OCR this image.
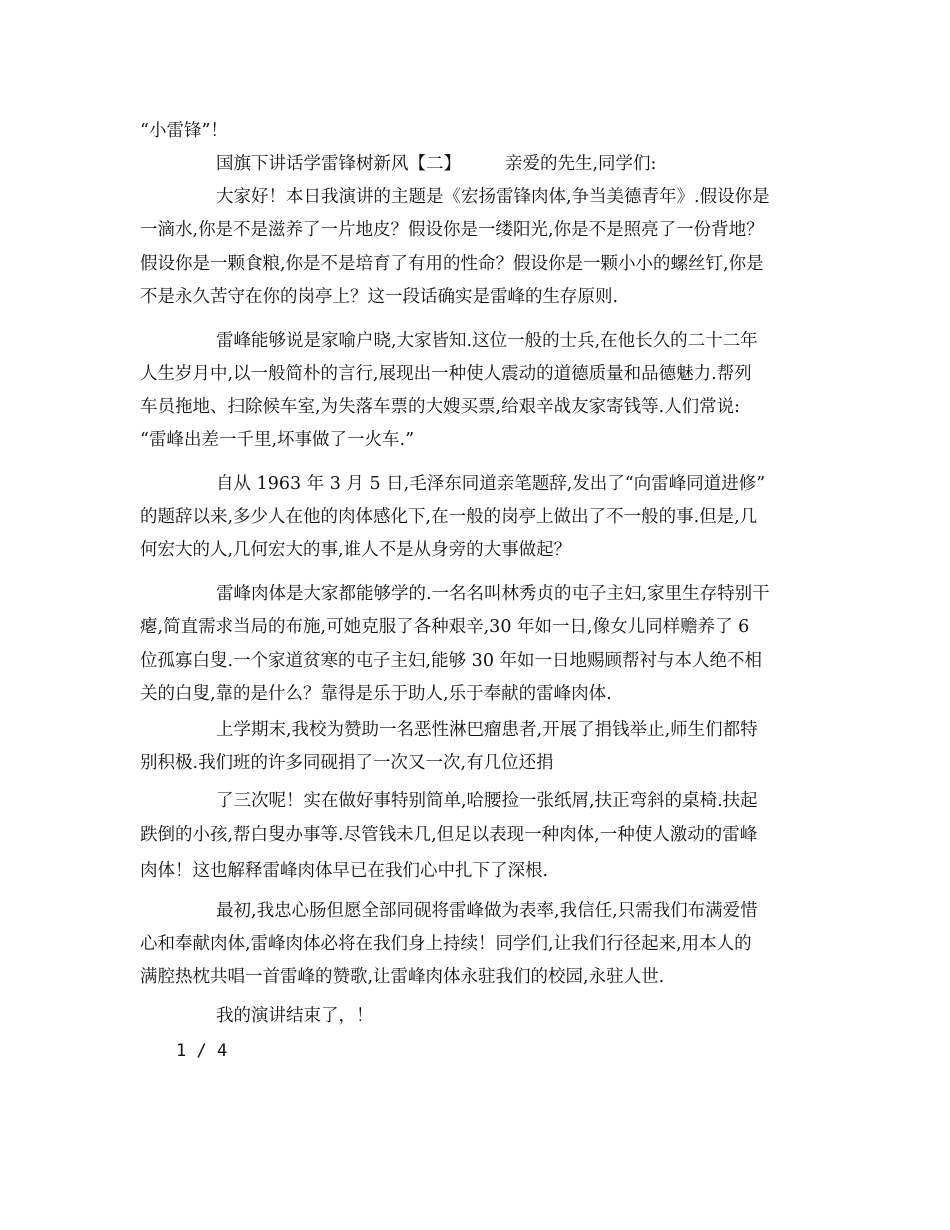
“小雷锋”！
国旗下讲话学雷锋树新风【二】	亲爱的先生,同学们:
大家好！本日我演讲的主题是《宏扬雷锋肉体,争当美德青年》.假设你是
一滴水,你是不是滋养了一片地皮？假设你是一缕阳光,你是不是照亮了一份背地？
假设你是一颗食粮,你是不是培育了有用的性命？假设你是一颗小小的螺丝钉,你是
不是永久苦守在你的岗亭上？这一段话确实是雷峰的生存原则.
雷峰能够说是家喻户晓,大家皆知.这位一般的士兵,在他长久的二十二年
人生岁月中,以一般简朴的言行,展现出一种使人震动的道德质量和品德魅力.帮列
车员拖地、扫除候车室,为失落车票的大嫂买票,给艰辛战友家寄钱等.人们常说:
“雷峰出差一千里,坏事做了一火车.”
自从 1963 年 3 月 5 日,毛泽东同道亲笔题辞,发出了“向雷峰同道进修”
的题辞以来,多少人在他的肉体感化下,在一般的岗亭上做出了不一般的事.但是,几
何宏大的人,几何宏大的事,谁人不是从身旁的大事做起？
雷峰肉体是大家都能够学的.一名名叫林秀贞的屯子主妇,家里生存特别干
瘪,简直需求当局的布施,可她克服了各种艰辛,30 年如一日,像女儿同样赡养了 6
位孤寡白叟.一个家道贫寒的屯子主妇,能够 30 年如一日地赐顾帮衬与本人绝不相
关的白叟,靠的是什么？靠得是乐于助人,乐于奉献的雷峰肉体.
上学期末,我校为赞助一名恶性淋巴瘤患者,开展了捐钱举止,师生们都特
别积极.我们班的许多同砚捐了一次又一次,有几位还捐
了三次呢！实在做好事特别简单,哈腰捡一张纸屑,扶正弯斜的桌椅.扶起
跌倒的小孩,帮白叟办事等.尽管钱未几,但足以表现一种肉体,一种使人激动的雷峰
肉体！这也解释雷峰肉体早已在我们心中扎下了深根.
最初,我忠心肠但愿全部同砚将雷峰做为表率,我信任,只需我们布满爱惜
心和奉献肉体,雷峰肉体必将在我们身上持续！同学们,让我们行径起来,用本人的
满腔热枕共唱一首雷峰的赞歌,让雷峰肉体永驻我们的校园,永驻人世.
我的演讲结束了，！
1 / 4
